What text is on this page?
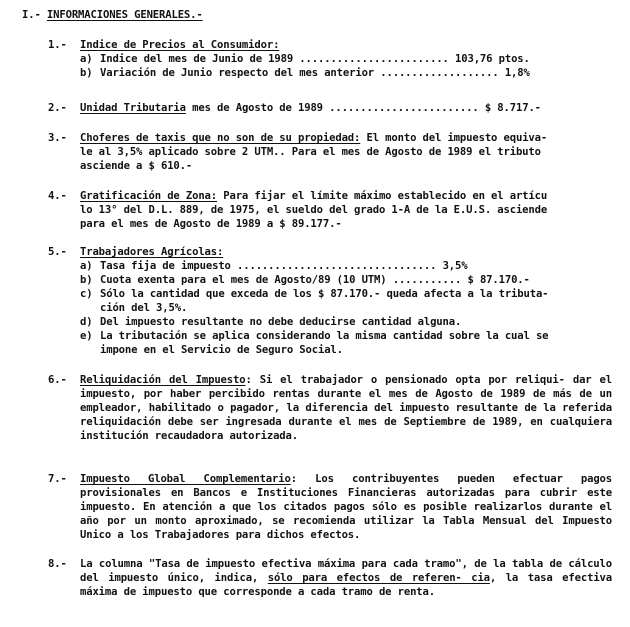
I.- INFORMACIONES GENERALES.-
1.- Indice de Precios al Consumidor:
a) Indice del mes de Junio de 1989 ........................ 103,76 ptos.
b) Variación de Junio respecto del mes anterior ................... 1,8%
2.- Unidad Tributaria mes de Agosto de 1989 ........................ $ 8.717.-
3.- Choferes de taxis que no son de su propiedad: El monto del impuesto equiva-
le al 3,5% aplicado sobre 2 UTM.. Para el mes de Agosto de 1989 el tributo
asciende a $ 610.-
4.- Gratificación de Zona: Para fijar el límite máximo establecido en el artícu
lo 13° del D.L. 889, de 1975, el sueldo del grado 1-A de la E.U.S. asciende
para el mes de Agosto de 1989 a $ 89.177.-
5.- Trabajadores Agrícolas:
a) Tasa fija de impuesto ................................ 3,5%
b) Cuota exenta para el mes de Agosto/89 (10 UTM) ........... $ 87.170.-
c) Sólo la cantidad que exceda de los $ 87.170.- queda afecta a la tributa-
ción del 3,5%.
d) Del impuesto resultante no debe deducirse cantidad alguna.
e) La tributación se aplica considerando la misma cantidad sobre la cual se
impone en el Servicio de Seguro Social.
6.- Reliquidación del Impuesto: Si el trabajador o pensionado opta por reliqui- dar el impuesto, por haber percibido rentas durante el mes de Agosto de 1989 de más de un empleador, habilitado o pagador, la diferencia del impuesto resultante de la referida reliquidación debe ser ingresada durante el mes de Septiembre de 1989, en cualquiera institución recaudadora autorizada.
7.- Impuesto Global Complementario: Los contribuyentes pueden efectuar pagos provisionales en Bancos e Instituciones Financieras autorizadas para cubrir este impuesto. En atención a que los citados pagos sólo es posible realizarlos durante el año por un monto aproximado, se recomienda utilizar la Tabla Mensual del Impuesto Unico a los Trabajadores para dichos efectos.
8.- La columna "Tasa de impuesto efectiva máxima para cada tramo", de la tabla de cálculo del impuesto único, indica, sólo para efectos de referen- cia, la tasa efectiva máxima de impuesto que corresponde a cada tramo de renta.
